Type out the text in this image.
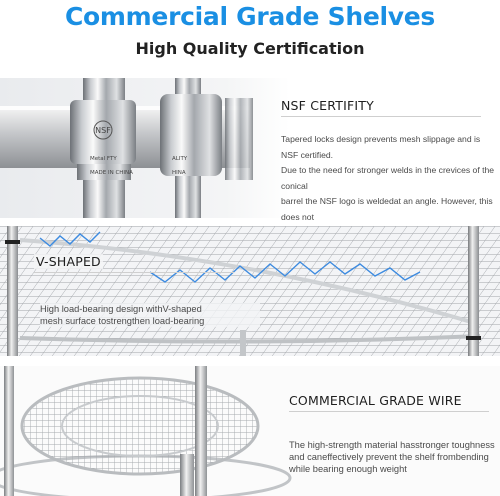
Commercial Grade Shelves
High Quality Certification
NSF
Metal FTY
MADE IN CHINA
ALITY
HINA
NSF CERTIFITY
Tapered locks design prevents mesh slippage and is NSF certified.
Due to the need for stronger welds in the crevices of the conical
barrel the NSF logo is weldedat an angle. However, this does not
V-SHAPED
High load-bearing design withV-shaped
mesh surface tostrengthen load-bearing
COMMERCIAL GRADE WIRE
The high-strength material hasstronger toughness
and caneffectively prevent the shelf frombending
while bearing enough weight
